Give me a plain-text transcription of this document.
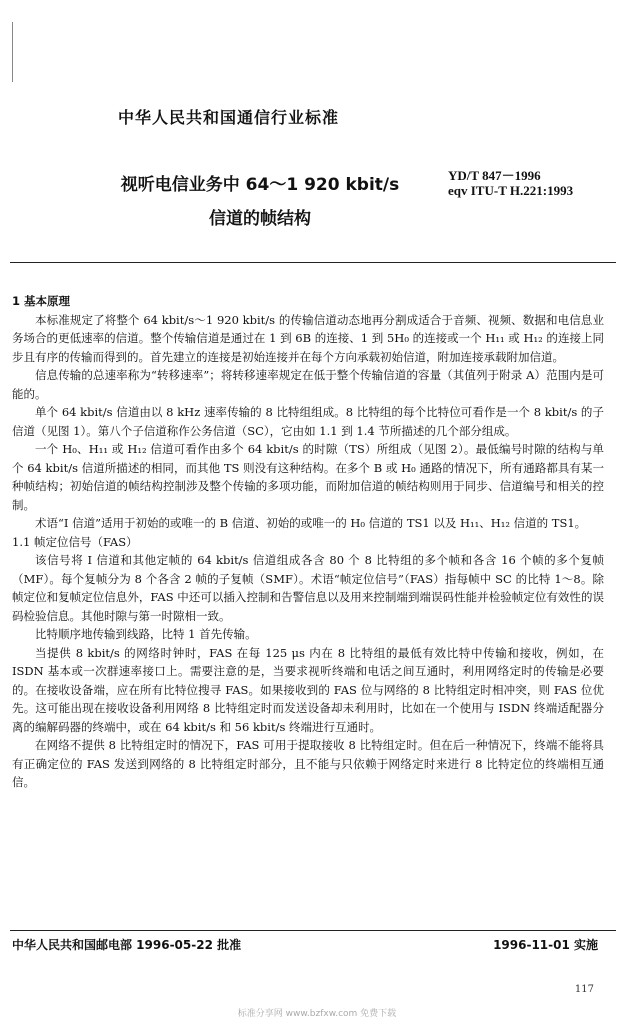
中华人民共和国通信行业标准
视听电信业务中 64～1 920 kbit/s
信道的帧结构
YD/T 847－1996
eqv ITU-T H.221:1993
1 基本原理

本标准规定了将整个 64 kbit/s～1 920 kbit/s 的传输信道动态地再分割成适合于音频、视频、数据和电信息业务场合的更低速率的信道。整个传输信道是通过在 1 到 6B 的连接、1 到 5H₀ 的连接或一个 H₁₁ 或 H₁₂ 的连接上同步且有序的传输而得到的。首先建立的连接是初始连接并在每个方向承载初始信道，附加连接承载附加信道。

信息传输的总速率称为“转移速率”；将转移速率规定在低于整个传输信道的容量（其值列于附录 A）范围内是可能的。

单个 64 kbit/s 信道由以 8 kHz 速率传输的 8 比特组组成。8 比特组的每个比特位可看作是一个 8 kbit/s 的子信道（见图 1）。第八个子信道称作公务信道（SC），它由如 1.1 到 1.4 节所描述的几个部分组成。

一个 H₀、H₁₁ 或 H₁₂ 信道可看作由多个 64 kbit/s 的时隙（TS）所组成（见图 2）。最低编号时隙的结构与单个 64 kbit/s 信道所描述的相同，而其他 TS 则没有这种结构。在多个 B 或 H₀ 通路的情况下，所有通路都具有某一种帧结构；初始信道的帧结构控制涉及整个传输的多项功能，而附加信道的帧结构则用于同步、信道编号和相关的控制。

术语“I 信道”适用于初始的或唯一的 B 信道、初始的或唯一的 H₀ 信道的 TS1 以及 H₁₁、H₁₂ 信道的 TS1。

1.1 帧定位信号（FAS）

该信号将 I 信道和其他定帧的 64 kbit/s 信道组成各含 80 个 8 比特组的多个帧和各含 16 个帧的多个复帧（MF）。每个复帧分为 8 个各含 2 帧的子复帧（SMF）。术语“帧定位信号”（FAS）指每帧中 SC 的比特 1～8。除帧定位和复帧定位信息外，FAS 中还可以插入控制和告警信息以及用来控制端到端误码性能并检验帧定位有效性的误码检验信息。其他时隙与第一时隙相一致。

比特顺序地传输到线路，比特 1 首先传输。

当提供 8 kbit/s 的网络时钟时，FAS 在每 125 μs 内在 8 比特组的最低有效比特中传输和接收，例如，在 ISDN 基本或一次群速率接口上。需要注意的是，当要求视听终端和电话之间互通时，利用网络定时的传输是必要的。在接收设备端，应在所有比特位搜寻 FAS。如果接收到的 FAS 位与网络的 8 比特组定时相冲突，则 FAS 位优先。这可能出现在接收设备利用网络 8 比特组定时而发送设备却未利用时，比如在一个使用与 ISDN 终端适配器分离的编解码器的终端中，或在 64 kbit/s 和 56 kbit/s 终端进行互通时。

在网络不提供 8 比特组定时的情况下，FAS 可用于提取接收 8 比特组定时。但在后一种情况下，终端不能将具有正确定位的 FAS 发送到网络的 8 比特组定时部分，且不能与只依赖于网络定时来进行 8 比特定位的终端相互通信。

中华人民共和国邮电部 1996-05-22 批准	1996-11-01 实施
117
标准分享网 www.bzfxw.com 免费下载
